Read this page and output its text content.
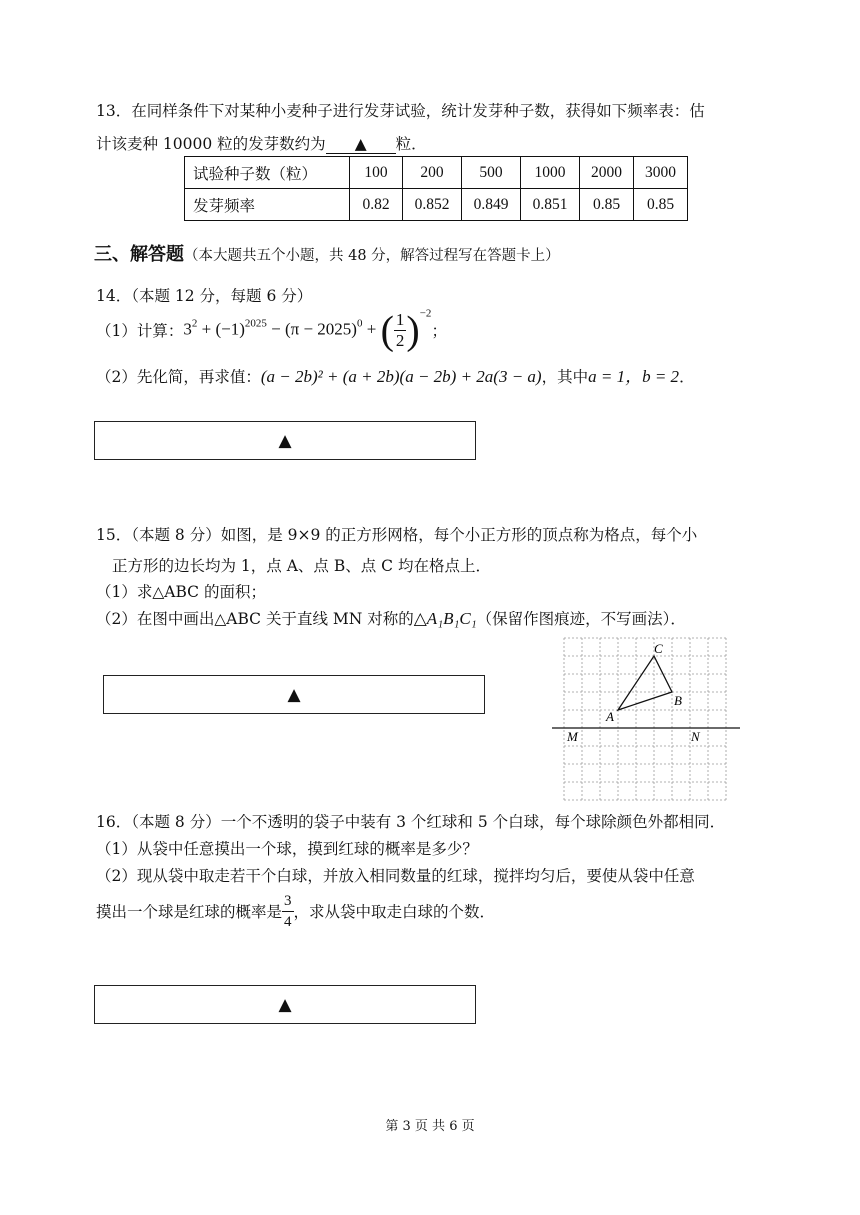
13．在同样条件下对某种小麦种子进行发芽试验，统计发芽种子数，获得如下频率表：估
计该麦种 10000 粒的发芽数约为 ▲ 粒．
试验种子数（粒）	100	200	500	1000	2000	3000
发芽频率	0.82	0.852	0.849	0.851	0.85	0.85
三、解答题（本大题共五个小题，共 48 分，解答过程写在答题卡上）
14．（本题 12 分，每题 6 分）
（1）计算： $3^2 + (-1)^{2025} - (\pi - 2025)^0$ + ( $\frac{1}{2} )^{-2}$
；
（2）先化简，再求值：(a − 2b)² + (a + 2b)(a − 2b) + 2a(3 − a)，其中a = 1，b = 2．
▲
15．（本题 8 分）如图，是 9×9 的正方形网格，每个小正方形的顶点称为格点，每个小
正方形的边长均为 1，点 A、点 B、点 C 均在格点上．
（1）求△ABC 的面积；
（2）在图中画出△ABC 关于直线 MN 对称的△A₁B₁C₁（保留作图痕迹，不写画法）．
▲
A
B
C
M	N
16．（本题 8 分）一个不透明的袋子中装有 3 个红球和 5 个白球，每个球除颜色外都相同．
（1）从袋中任意摸出一个球，摸到红球的概率是多少？
（2）现从袋中取走若干个白球，并放入相同数量的红球，搅拌均匀后，要使从袋中任意
摸出一个球是红球的概率是 $\frac{3}{4}$ ，求从袋中取走白球的个数．
▲
第 3 页 共 6 页
